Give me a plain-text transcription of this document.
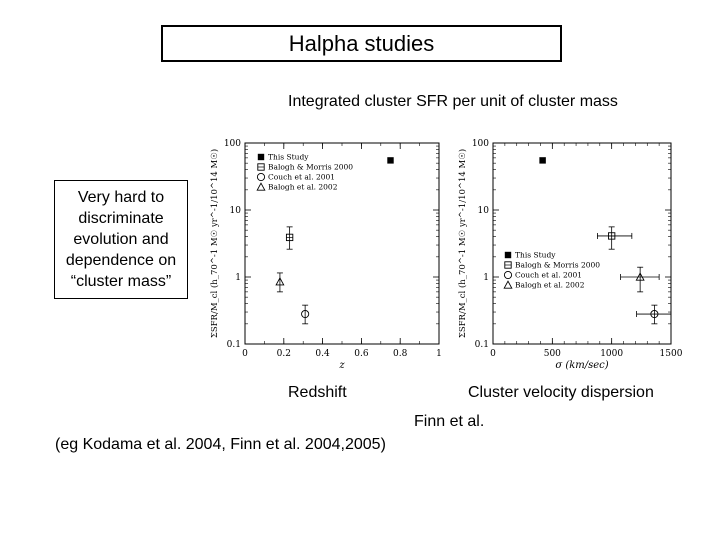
Halpha studies
Integrated cluster SFR per unit of cluster mass
0.1
1
10
100
0	0.2	0.4	0.6	0.8	1
z
ΣSFR/M_cl (h_70^-1 M☉ yr^-1/10^14 M☉)	This Study
Balogh & Morris 2000
Couch et al. 2001
Balogh et al. 2002
0.1
1
10
100
0	500	1000	1500
σ (km/sec)
ΣSFR/M_cl (h_70^-1 M☉ yr^-1/10^14 M☉)	This Study
Balogh & Morris 2000
Couch et al. 2001
Balogh et al. 2002
Very hard to discriminate evolution and dependence on “cluster mass”
Redshift	Cluster velocity dispersion
Finn et al.
(eg Kodama et al. 2004, Finn et al. 2004,2005)
